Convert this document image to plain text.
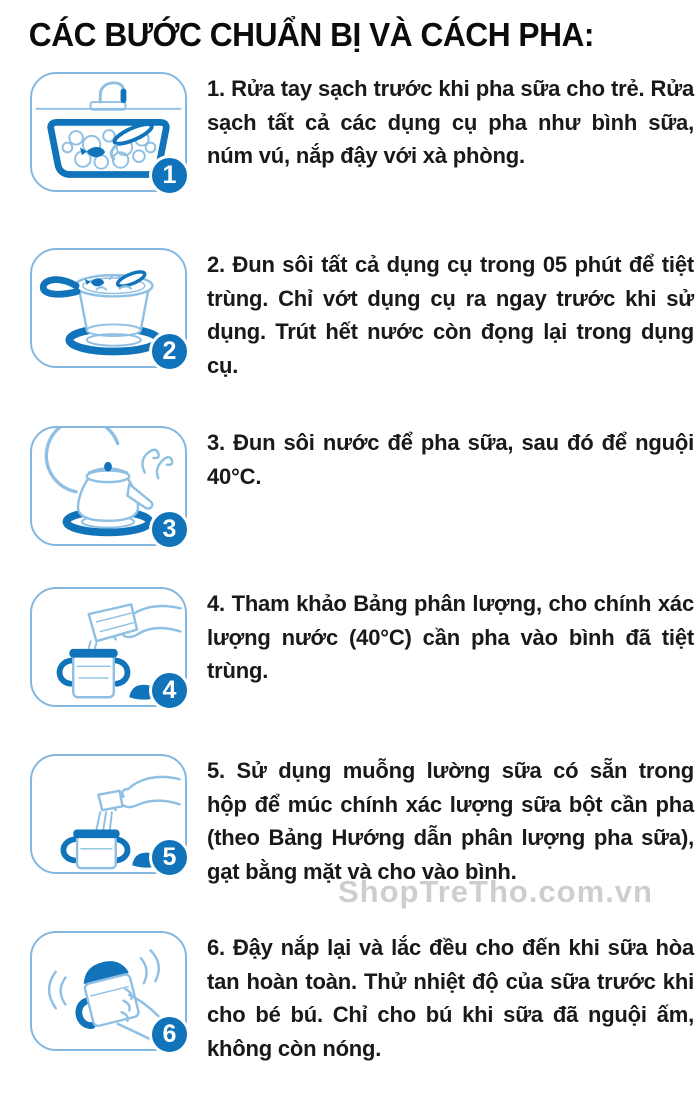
CÁC BƯỚC CHUẨN BỊ VÀ CÁCH PHA:
1

1. Rửa tay sạch trước khi pha sữa cho trẻ. Rửa sạch tất cả các dụng cụ pha như bình sữa, núm vú, nắp đậy với xà phòng.

2

2. Đun sôi tất cả dụng cụ trong 05 phút để tiệt trùng. Chỉ vớt dụng cụ ra ngay trước khi sử dụng. Trút hết nước còn đọng lại trong dụng cụ.

3

3. Đun sôi nước để pha sữa, sau đó để nguội 40°C.

4

4. Tham khảo Bảng phân lượng, cho chính xác lượng nước (40°C) cần pha vào bình đã tiệt trùng.

5

5. Sử dụng muỗng lường sữa có sẵn trong hộp để múc chính xác lượng sữa bột cần pha (theo Bảng Hướng dẫn phân lượng pha sữa), gạt bằng mặt và cho vào bình.

6

6. Đậy nắp lại và lắc đều cho đến khi sữa hòa tan hoàn toàn. Thử nhiệt độ của sữa trước khi cho bé bú. Chỉ cho bú khi sữa đã nguội ấm, không còn nóng.

ShopTreTho.com.vn
